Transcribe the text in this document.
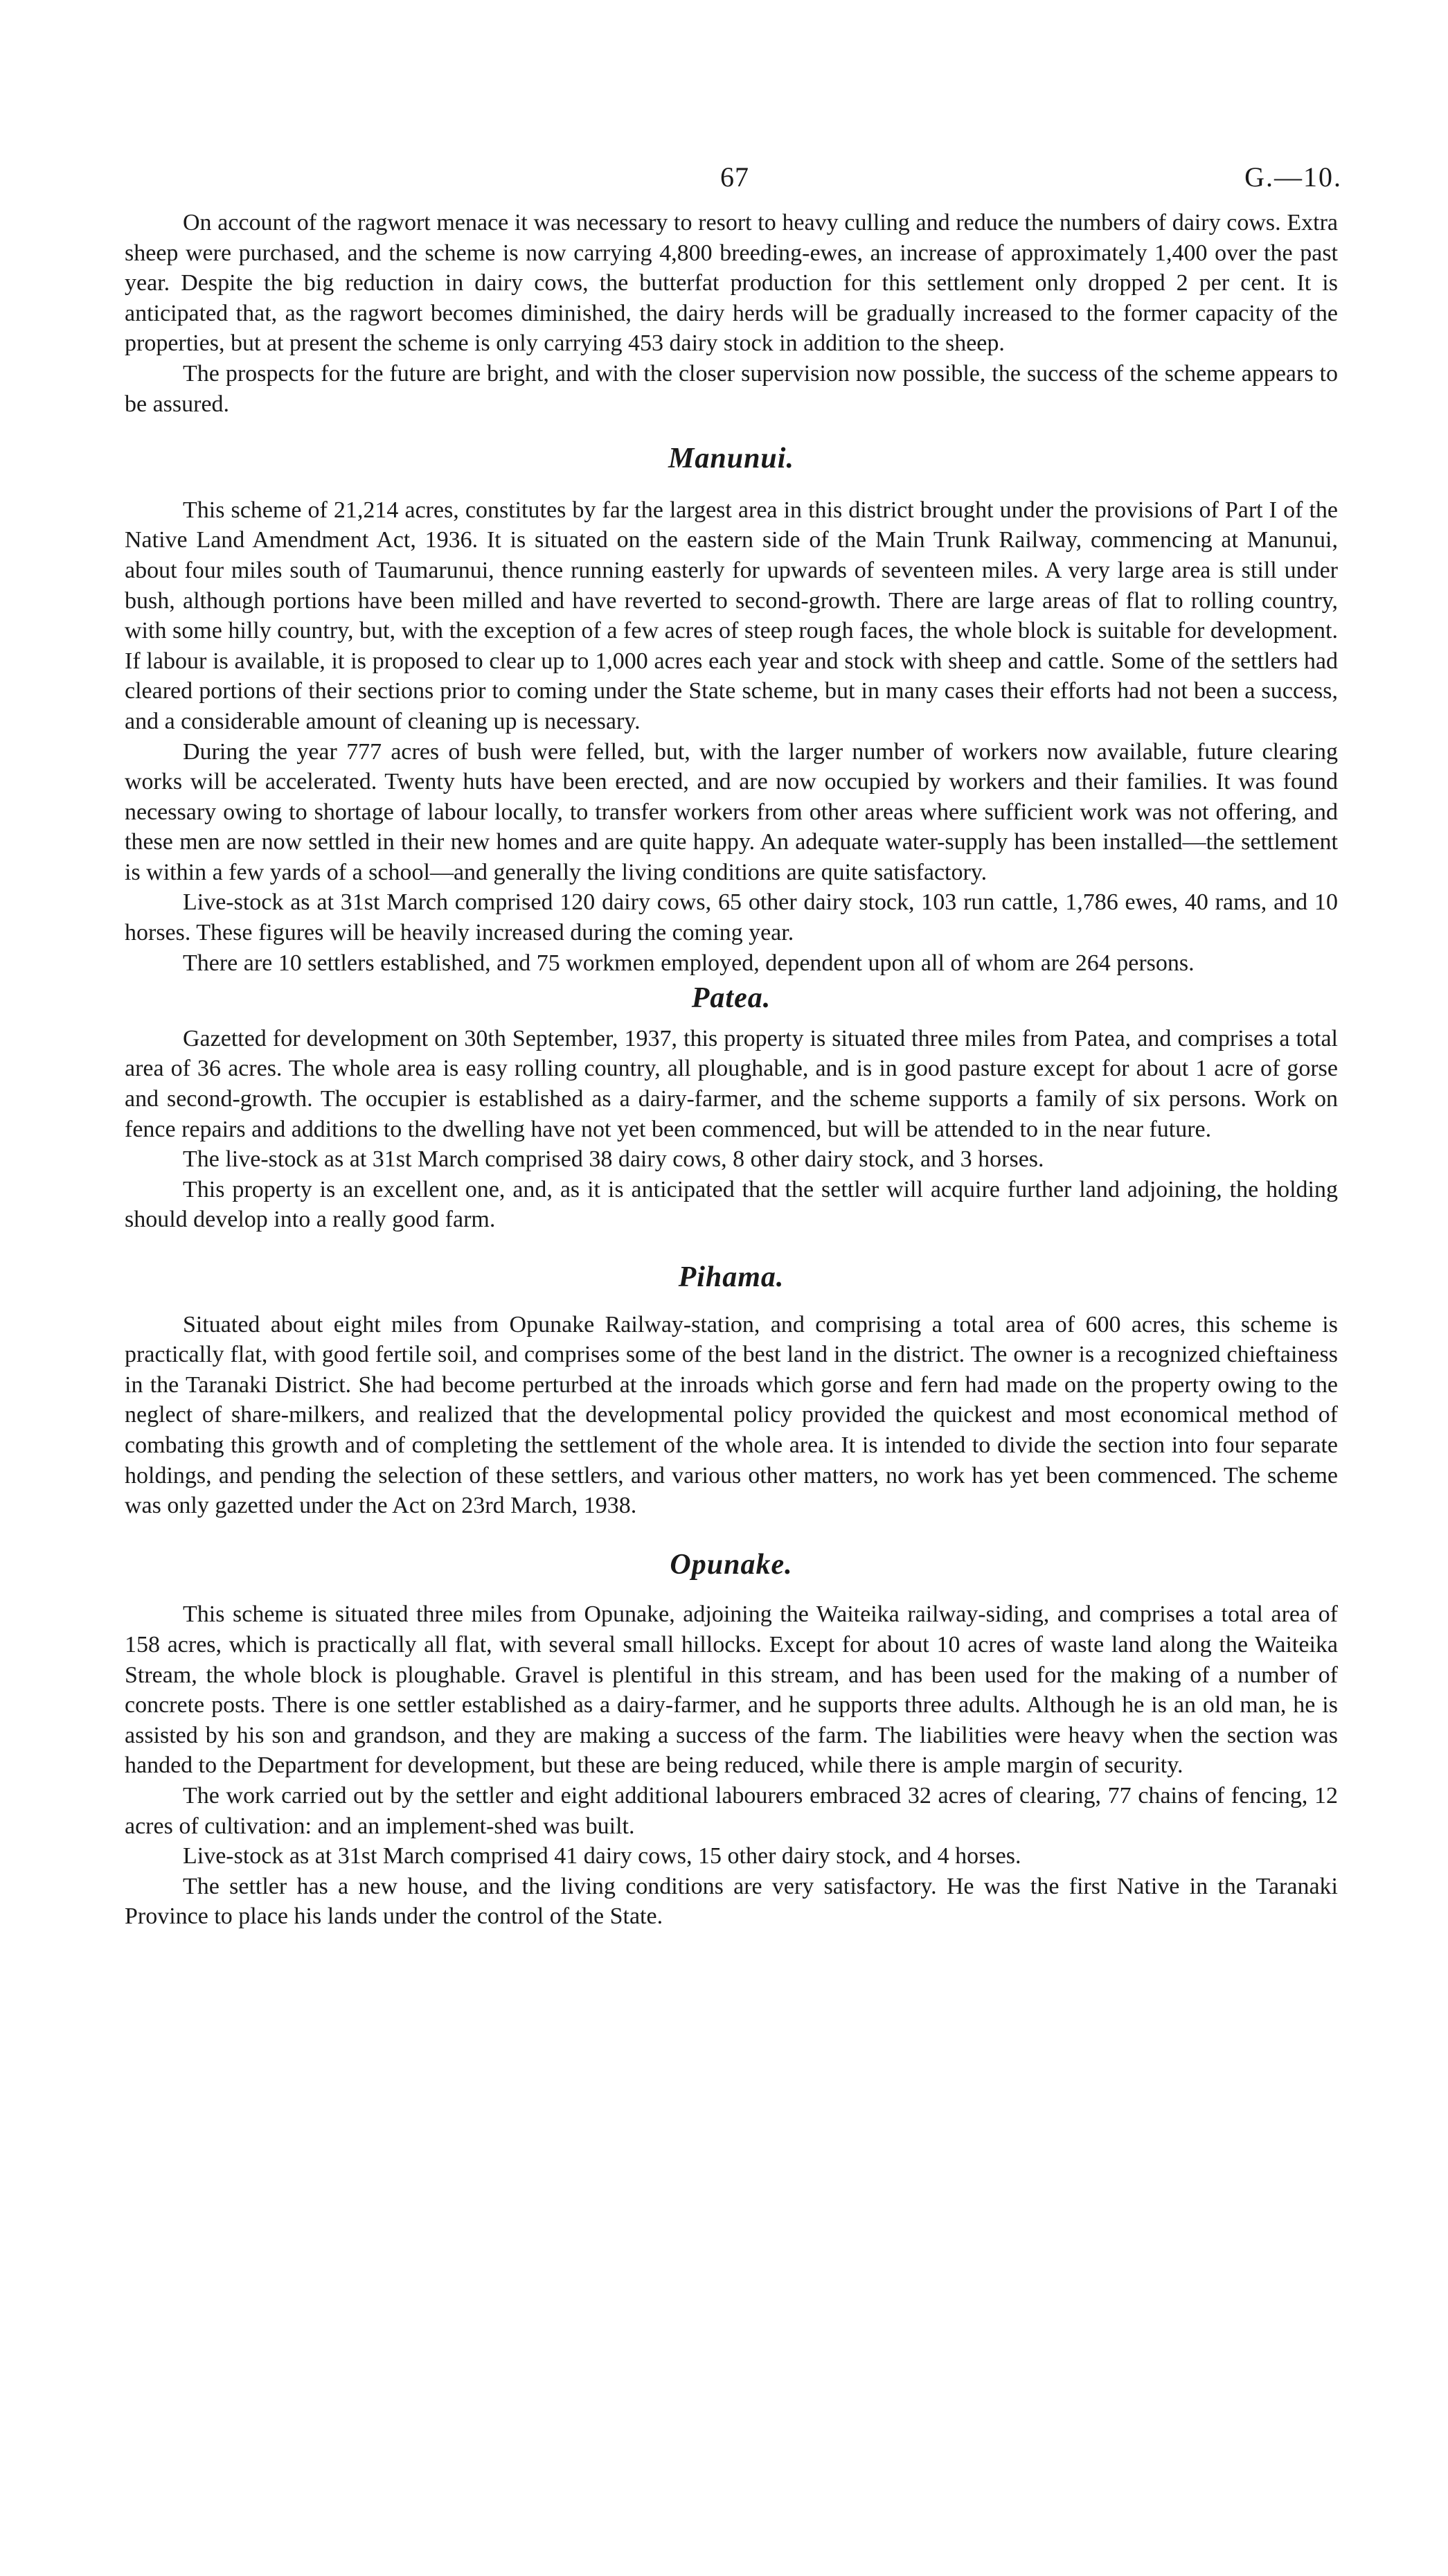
67	G.—10.

On account of the ragwort menace it was necessary to resort to heavy culling and reduce the numbers of dairy cows. Extra sheep were purchased, and the scheme is now carrying 4,800 breeding-ewes, an increase of approximately 1,400 over the past year. Despite the big reduction in dairy cows, the butterfat production for this settlement only dropped 2 per cent. It is anticipated that, as the ragwort becomes diminished, the dairy herds will be gradually increased to the former capacity of the properties, but at present the scheme is only carrying 453 dairy stock in addition to the sheep.

The prospects for the future are bright, and with the closer supervision now possible, the success of the scheme appears to be assured.

Manunui.

This scheme of 21,214 acres, constitutes by far the largest area in this district brought under the provisions of Part I of the Native Land Amendment Act, 1936. It is situated on the eastern side of the Main Trunk Railway, commencing at Manunui, about four miles south of Taumarunui, thence running easterly for upwards of seventeen miles. A very large area is still under bush, although portions have been milled and have reverted to second-growth. There are large areas of flat to rolling country, with some hilly country, but, with the exception of a few acres of steep rough faces, the whole block is suitable for development. If labour is available, it is proposed to clear up to 1,000 acres each year and stock with sheep and cattle. Some of the settlers had cleared portions of their sections prior to coming under the State scheme, but in many cases their efforts had not been a success, and a considerable amount of cleaning up is necessary.

During the year 777 acres of bush were felled, but, with the larger number of workers now available, future clearing works will be accelerated. Twenty huts have been erected, and are now occupied by workers and their families. It was found necessary owing to shortage of labour locally, to transfer workers from other areas where sufficient work was not offering, and these men are now settled in their new homes and are quite happy. An adequate water-supply has been installed—the settlement is within a few yards of a school—and generally the living conditions are quite satisfactory.

Live-stock as at 31st March comprised 120 dairy cows, 65 other dairy stock, 103 run cattle, 1,786 ewes, 40 rams, and 10 horses. These figures will be heavily increased during the coming year.

There are 10 settlers established, and 75 workmen employed, dependent upon all of whom are 264 persons.

Patea.

Gazetted for development on 30th September, 1937, this property is situated three miles from Patea, and comprises a total area of 36 acres. The whole area is easy rolling country, all ploughable, and is in good pasture except for about 1 acre of gorse and second-growth. The occupier is established as a dairy-farmer, and the scheme supports a family of six persons. Work on fence repairs and additions to the dwelling have not yet been commenced, but will be attended to in the near future.

The live-stock as at 31st March comprised 38 dairy cows, 8 other dairy stock, and 3 horses.

This property is an excellent one, and, as it is anticipated that the settler will acquire further land adjoining, the holding should develop into a really good farm.

Pihama.

Situated about eight miles from Opunake Railway-station, and comprising a total area of 600 acres, this scheme is practically flat, with good fertile soil, and comprises some of the best land in the district. The owner is a recognized chieftainess in the Taranaki District. She had become perturbed at the inroads which gorse and fern had made on the property owing to the neglect of share-milkers, and realized that the developmental policy provided the quickest and most economical method of combating this growth and of completing the settlement of the whole area. It is intended to divide the section into four separate holdings, and pending the selection of these settlers, and various other matters, no work has yet been commenced. The scheme was only gazetted under the Act on 23rd March, 1938.

Opunake.

This scheme is situated three miles from Opunake, adjoining the Waiteika railway-siding, and comprises a total area of 158 acres, which is practically all flat, with several small hillocks. Except for about 10 acres of waste land along the Waiteika Stream, the whole block is ploughable. Gravel is plentiful in this stream, and has been used for the making of a number of concrete posts. There is one settler established as a dairy-farmer, and he supports three adults. Although he is an old man, he is assisted by his son and grandson, and they are making a success of the farm. The liabilities were heavy when the section was handed to the Department for development, but these are being reduced, while there is ample margin of security.

The work carried out by the settler and eight additional labourers embraced 32 acres of clearing, 77 chains of fencing, 12 acres of cultivation: and an implement-shed was built.

Live-stock as at 31st March comprised 41 dairy cows, 15 other dairy stock, and 4 horses.

The settler has a new house, and the living conditions are very satisfactory. He was the first Native in the Taranaki Province to place his lands under the control of the State.
